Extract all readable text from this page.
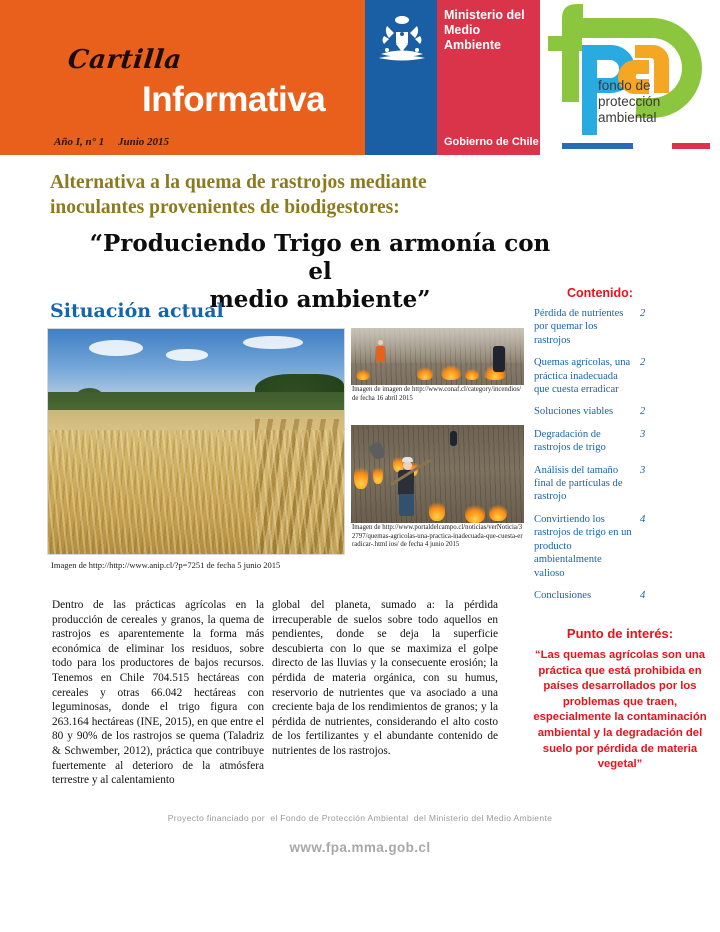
Cartilla
Informativa
Año I, n° 1     Junio 2015
Ministerio del
Medio
Ambiente
Gobierno de Chile
fondo de
protección
ambiental
Alternativa a la quema de rastrojos mediante
inoculantes provenientes de biodigestores:
“Produciendo Trigo en armonía con el
medio ambiente”
Situación actual
Imagen de http://http://www.anip.cl/?p=7251 de fecha 5 junio 2015
Imagen de imagen de http://www.conaf.cl/category/incendios/ de fecha 16 abril 2015
Imagen de http://www.portaldelcampo.cl/noticias/verNoticia/32797/quemas-agricolas-una-practica-inadecuada-que-cuesta-erradicar-.html ios/ de fecha 4 junio 2015
Dentro de las prácticas agrícolas en la producción de cereales y granos, la quema de rastrojos es aparentemente la forma más económica de eliminar los residuos, sobre todo para los productores de bajos recursos. Tenemos en Chile 704.515 hectáreas con cereales y otras 66.042 hectáreas con leguminosas, donde el trigo figura con 263.164 hectáreas (INE, 2015), en que entre el 80 y 90% de los rastrojos se quema (Taladriz & Schwember, 2012), práctica que contribuye fuertemente al deterioro de la atmósfera terrestre y al calentamiento
global del planeta, sumado a: la pérdida irrecuperable de suelos sobre todo aquellos en pendientes, donde se deja la superficie descubierta con lo que se maximiza el golpe directo de las lluvias y la consecuente erosión; la pérdida de materia orgánica, con su humus, reservorio de nutrientes que va asociado a una creciente baja de los rendimientos de granos; y la pérdida de nutrientes, considerando el alto costo de los fertilizantes y el abundante contenido de nutrientes de los rastrojos.
Contenido:
Pérdida de nutrientes por quemar los rastrojos
2
Quemas agrícolas, una práctica inadecuada que cuesta erradicar
2
Soluciones viables	2
Degradación de rastrojos de trigo
3
Análisis del tamaño final de partículas de rastrojo
3
Convirtiendo los rastrojos de trigo en un producto ambientalmente valioso
4
Conclusiones	4
Punto de interés:
“Las quemas agrícolas son una práctica que está prohibida en países desarrollados por los problemas que traen, especialmente la contaminación ambiental y la degradación del suelo por pérdida de materia vegetal”
Proyecto financiado por  el Fondo de Protección Ambiental  del Ministerio del Medio Ambiente
www.fpa.mma.gob.cl
